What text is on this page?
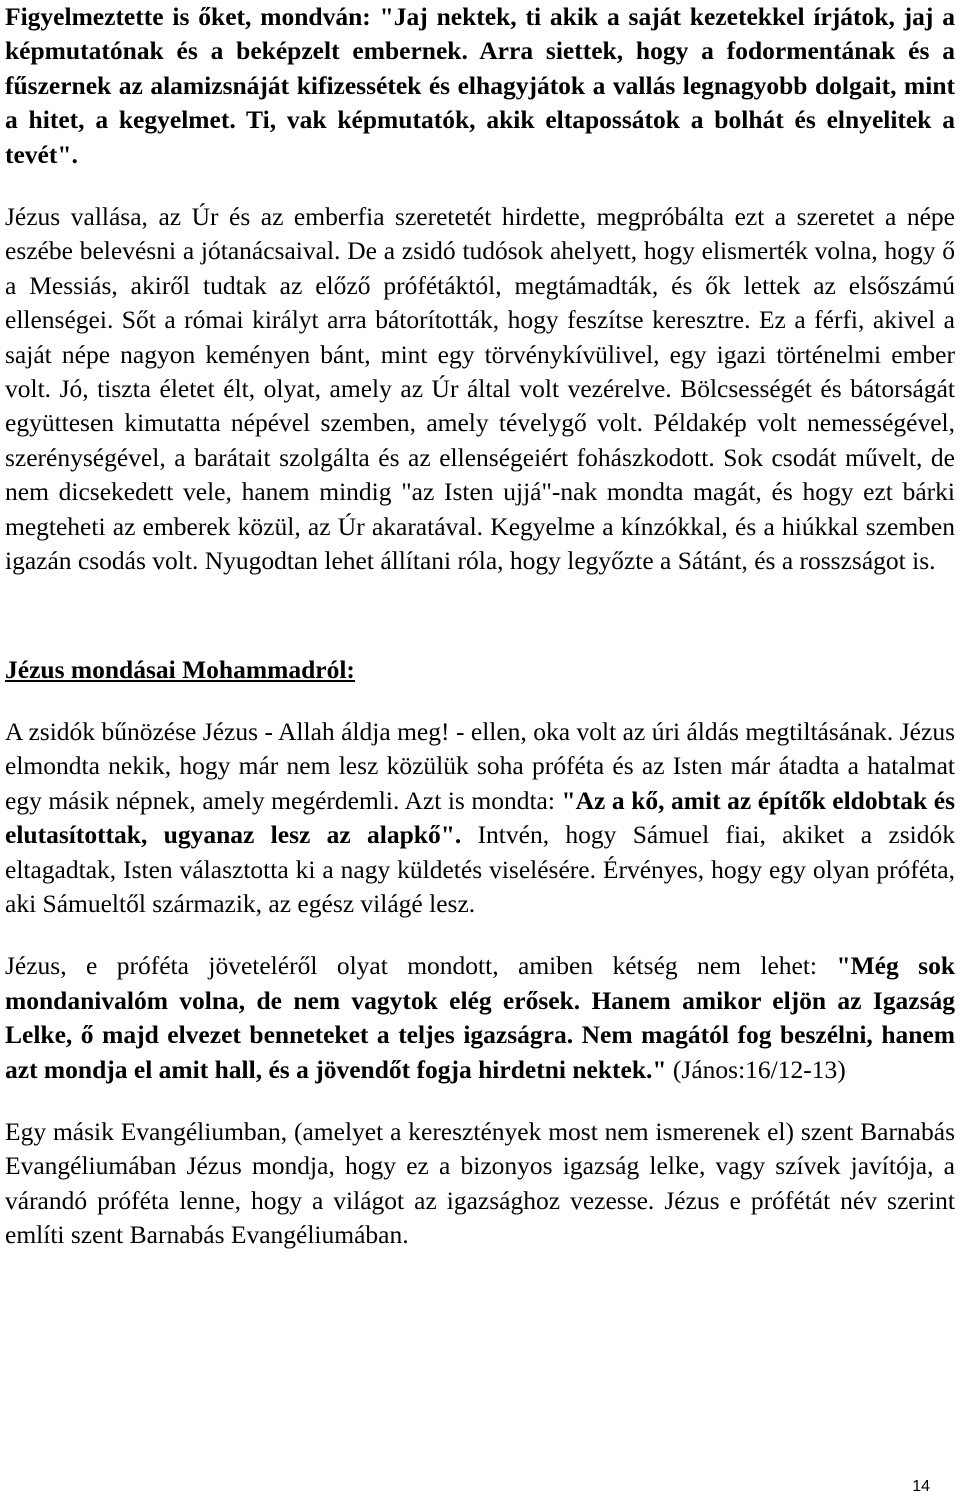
Figyelmeztette is őket, mondván: "Jaj nektek, ti akik a saját kezetekkel írjátok, jaj a képmutatónak és a beképzelt embernek. Arra siettek, hogy a fodormentának és a fűszernek az alamizsnáját kifizessétek és elhagyjátok a vallás legnagyobb dolgait, mint a hitet, a kegyelmet. Ti, vak képmutatók, akik eltapossátok a bolhát és elnyelitek a tevét".

Jézus vallása, az Úr és az emberfia szeretetét hirdette, megpróbálta ezt a szeretet a népe eszébe belevésni a jótanácsaival. De a zsidó tudósok ahelyett, hogy elismerték volna, hogy ő a Messiás, akiről tudtak az előző prófétáktól, megtámadták, és ők lettek az elsőszámú ellenségei. Sőt a római királyt arra bátorították, hogy feszítse keresztre. Ez a férfi, akivel a saját népe nagyon keményen bánt, mint egy törvénykívülivel, egy igazi történelmi ember volt. Jó, tiszta életet élt, olyat, amely az Úr által volt vezérelve. Bölcsességét és bátorságát együttesen kimutatta népével szemben, amely tévelygő volt. Példakép volt nemességével, szerénységével, a barátait szolgálta és az ellenségeiért fohászkodott. Sok csodát művelt, de nem dicsekedett vele, hanem mindig "az Isten ujjá"-nak mondta magát, és hogy ezt bárki megteheti az emberek közül, az Úr akaratával. Kegyelme a kínzókkal, és a hiúkkal szemben igazán csodás volt. Nyugodtan lehet állítani róla, hogy legyőzte a Sátánt, és a rosszságot is.

Jézus mondásai Mohammadról:

A zsidók bűnözése Jézus - Allah áldja meg! - ellen, oka volt az úri áldás megtiltásának. Jézus elmondta nekik, hogy már nem lesz közülük soha próféta és az Isten már átadta a hatalmat egy másik népnek, amely megérdemli. Azt is mondta: "Az a kő, amit az építők eldobtak és elutasítottak, ugyanaz lesz az alapkő". Intvén, hogy Sámuel fiai, akiket a zsidók eltagadtak, Isten választotta ki a nagy küldetés viselésére. Érvényes, hogy egy olyan próféta, aki Sámueltől származik, az egész világé lesz.

Jézus, e próféta jöveteléről olyat mondott, amiben kétség nem lehet: "Még sok mondanivalóm volna, de nem vagytok elég erősek. Hanem amikor eljön az Igazság Lelke, ő majd elvezet benneteket a teljes igazságra. Nem magától fog beszélni, hanem azt mondja el amit hall, és a jövendőt fogja hirdetni nektek." (János:16/12-13)

Egy másik Evangéliumban, (amelyet a keresztények most nem ismerenek el) szent Barnabás Evangéliumában Jézus mondja, hogy ez a bizonyos igazság lelke, vagy szívek javítója, a várandó próféta lenne, hogy a világot az igazsághoz vezesse. Jézus e prófétát név szerint említi szent Barnabás Evangéliumában.

14
